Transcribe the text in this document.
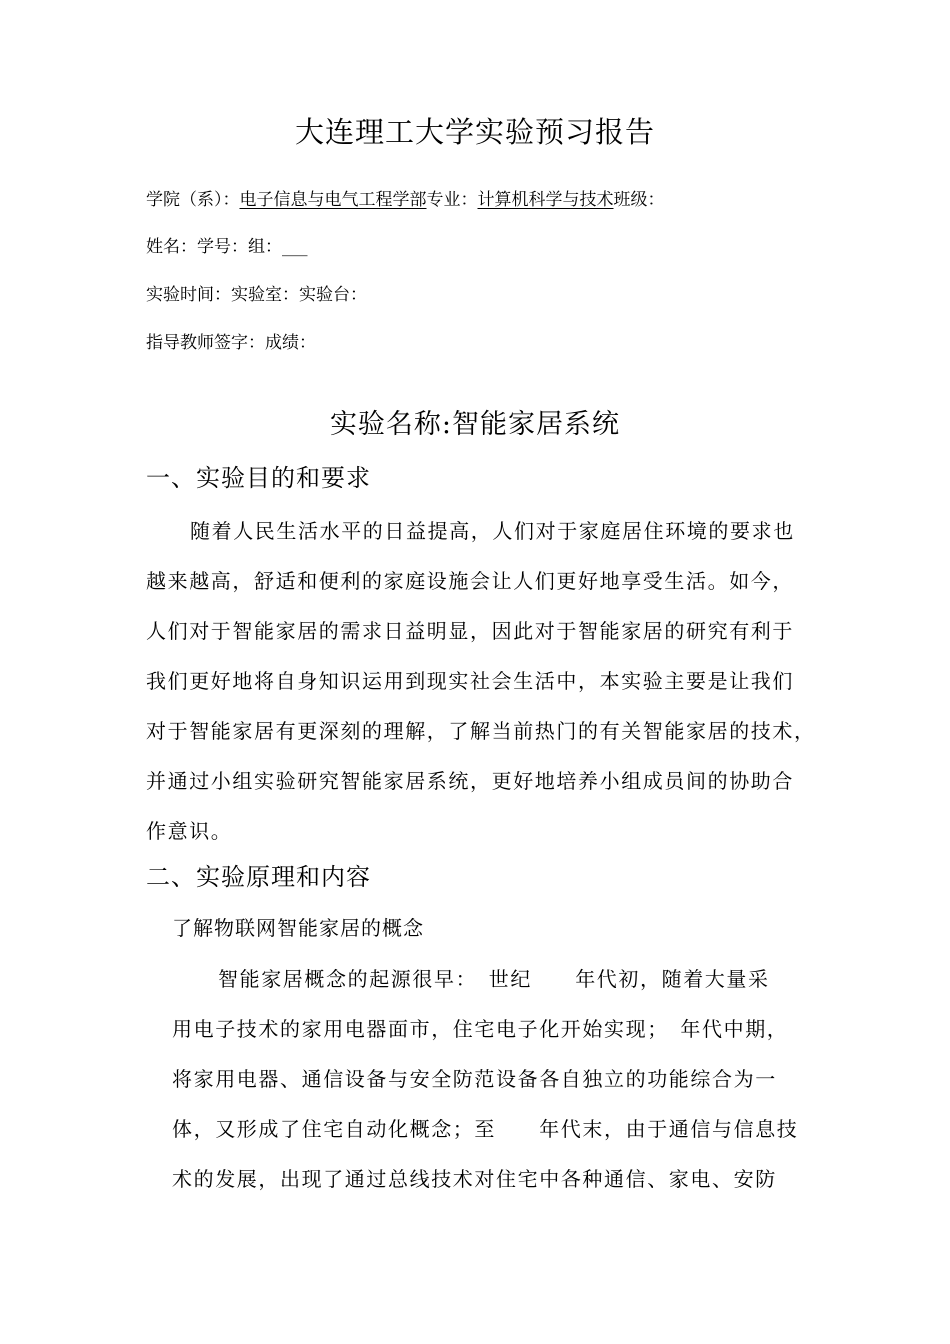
大连理工大学实验预习报告
学院（系）：电子信息与电气工程学部专业：计算机科学与技术班级：
姓名：学号：组：___
实验时间：实验室：实验台：
指导教师签字：成绩：
实验名称:智能家居系统
一、实验目的和要求
随着人民生活水平的日益提高，人们对于家庭居住环境的要求也
越来越高，舒适和便利的家庭设施会让人们更好地享受生活。如今，
人们对于智能家居的需求日益明显，因此对于智能家居的研究有利于
我们更好地将自身知识运用到现实社会生活中，本实验主要是让我们
对于智能家居有更深刻的理解，了解当前热门的有关智能家居的技术，
并通过小组实验研究智能家居系统，更好地培养小组成员间的协助合
作意识。
二、实验原理和内容
了解物联网智能家居的概念
智能家居概念的起源很早：　世纪　　年代初，随着大量采
用电子技术的家用电器面市，住宅电子化开始实现；　年代中期，
将家用电器、通信设备与安全防范设备各自独立的功能综合为一
体，又形成了住宅自动化概念；至　　年代末，由于通信与信息技
术的发展，出现了通过总线技术对住宅中各种通信、家电、安防
